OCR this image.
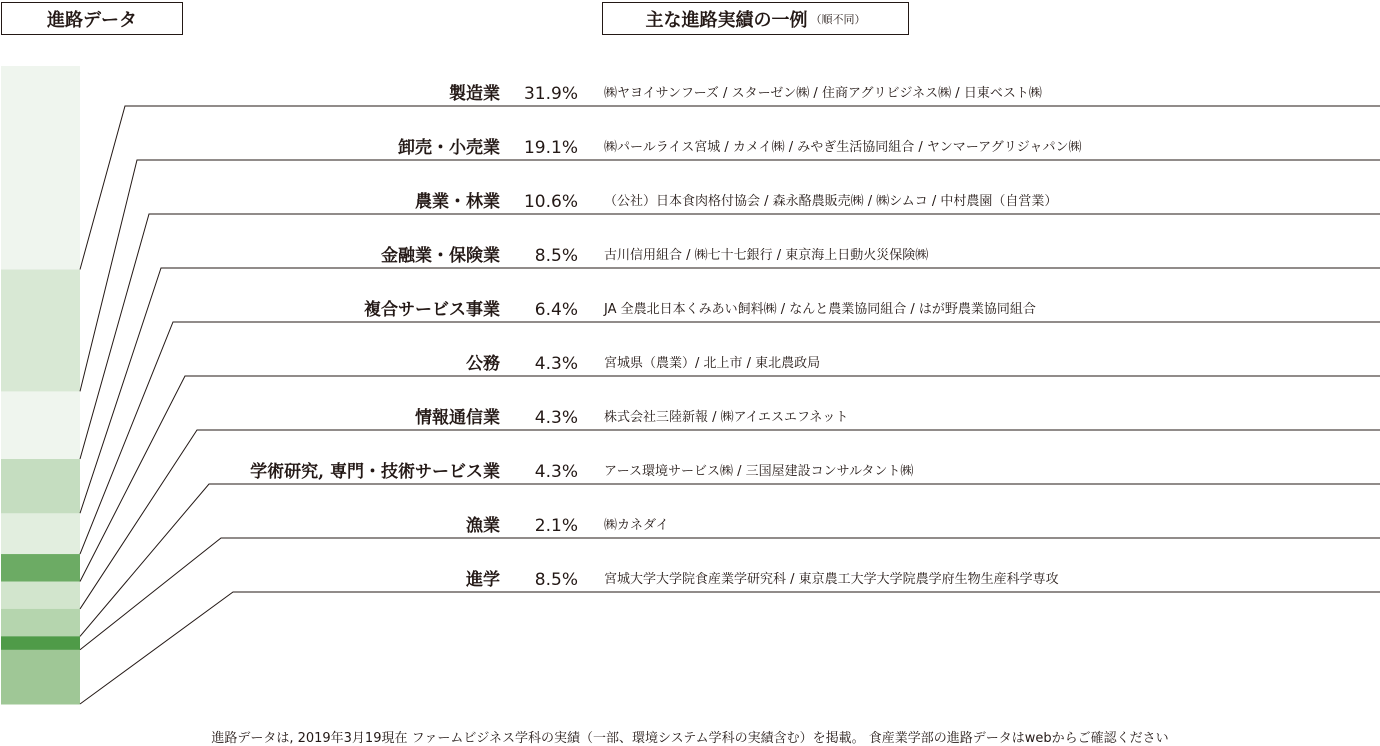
進路データ	主な進路実績の一例 （順不同）
製造業 31.9% ㈱ヤヨイサンフーズ / スターゼン㈱ / 住商アグリビジネス㈱ / 日東ベスト㈱
卸売・小売業 19.1% ㈱パールライス宮城 / カメイ㈱ / みやぎ生活協同組合 / ヤンマーアグリジャパン㈱
農業・林業 10.6% （公社）日本食肉格付協会 / 森永酪農販売㈱ / ㈱シムコ / 中村農園（自営業）
金融業・保険業 8.5% 古川信用組合 / ㈱七十七銀行 / 東京海上日動火災保険㈱
複合サービス事業 6.4% JA 全農北日本くみあい飼料㈱ / なんと農業協同組合 / はが野農業協同組合
公務 4.3% 宮城県（農業）/ 北上市 / 東北農政局
情報通信業 4.3% 株式会社三陸新報 / ㈱アイエスエフネット
学術研究, 専門・技術サービス業 4.3% アース環境サービス㈱ / 三国屋建設コンサルタント㈱
漁業 2.1% ㈱カネダイ
進学 8.5% 宮城大学大学院食産業学研究科 / 東京農工大学大学院農学府生物生産科学専攻
進路データは, 2019年3月19現在 ファームビジネス学科の実績（一部、環境システム学科の実績含む）を掲載。 食産業学部の進路データはwebからご確認ください
